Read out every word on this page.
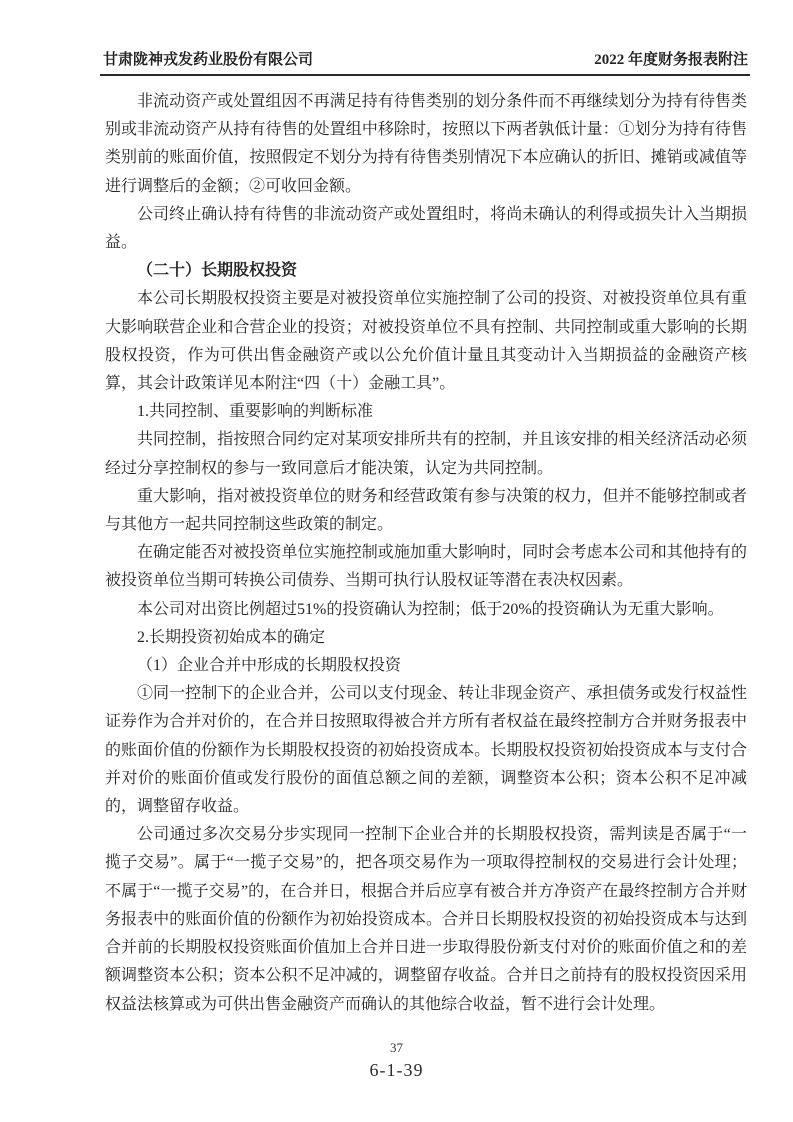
甘肃陇神戎发药业股份有限公司	2022 年度财务报表附注

非流动资产或处置组因不再满足持有待售类别的划分条件而不再继续划分为持有待售类别或非流动资产从持有待售的处置组中移除时，按照以下两者孰低计量：①划分为持有待售类别前的账面价值，按照假定不划分为持有待售类别情况下本应确认的折旧、摊销或减值等进行调整后的金额；②可收回金额。

公司终止确认持有待售的非流动资产或处置组时，将尚未确认的利得或损失计入当期损益。

（二十）长期股权投资

本公司长期股权投资主要是对被投资单位实施控制了公司的投资、对被投资单位具有重大影响联营企业和合营企业的投资；对被投资单位不具有控制、共同控制或重大影响的长期股权投资，作为可供出售金融资产或以公允价值计量且其变动计入当期损益的金融资产核算，其会计政策详见本附注“四（十）金融工具”。

1.共同控制、重要影响的判断标准

共同控制，指按照合同约定对某项安排所共有的控制，并且该安排的相关经济活动必须经过分享控制权的参与一致同意后才能决策，认定为共同控制。

重大影响，指对被投资单位的财务和经营政策有参与决策的权力，但并不能够控制或者与其他方一起共同控制这些政策的制定。

在确定能否对被投资单位实施控制或施加重大影响时，同时会考虑本公司和其他持有的被投资单位当期可转换公司债券、当期可执行认股权证等潜在表决权因素。

本公司对出资比例超过51%的投资确认为控制；低于20%的投资确认为无重大影响。

2.长期投资初始成本的确定

（1）企业合并中形成的长期股权投资

①同一控制下的企业合并，公司以支付现金、转让非现金资产、承担债务或发行权益性证券作为合并对价的，在合并日按照取得被合并方所有者权益在最终控制方合并财务报表中的账面价值的份额作为长期股权投资的初始投资成本。长期股权投资初始投资成本与支付合并对价的账面价值或发行股份的面值总额之间的差额，调整资本公积；资本公积不足冲减的，调整留存收益。

公司通过多次交易分步实现同一控制下企业合并的长期股权投资，需判读是否属于“一揽子交易”。属于“一揽子交易”的，把各项交易作为一项取得控制权的交易进行会计处理；不属于“一揽子交易”的，在合并日，根据合并后应享有被合并方净资产在最终控制方合并财务报表中的账面价值的份额作为初始投资成本。合并日长期股权投资的初始投资成本与达到合并前的长期股权投资账面价值加上合并日进一步取得股份新支付对价的账面价值之和的差额调整资本公积；资本公积不足冲减的，调整留存收益。合并日之前持有的股权投资因采用权益法核算或为可供出售金融资产而确认的其他综合收益，暂不进行会计处理。

37
6-1-39
